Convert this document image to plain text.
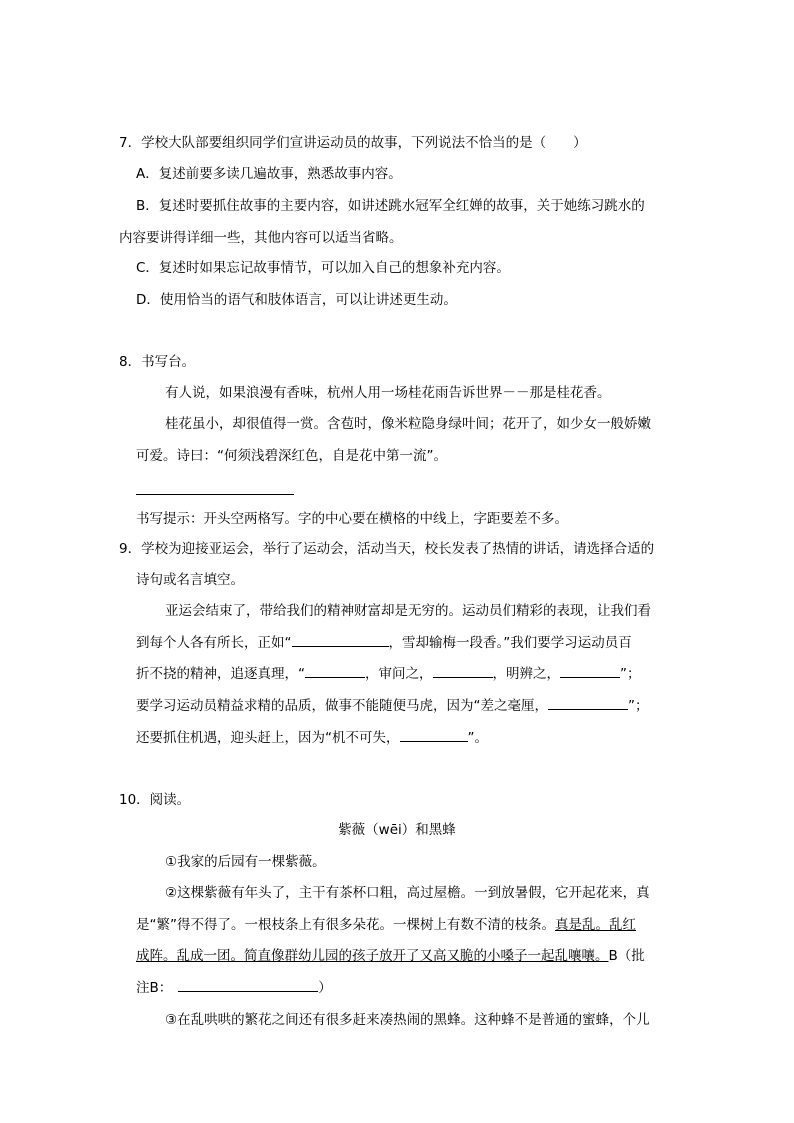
7．学校大队部要组织同学们宣讲运动员的故事，下列说法不恰当的是（　　）
A．复述前要多读几遍故事，熟悉故事内容。
B．复述时要抓住故事的主要内容，如讲述跳水冠军全红婵的故事，关于她练习跳水的
内容要讲得详细一些，其他内容可以适当省略。
C．复述时如果忘记故事情节，可以加入自己的想象补充内容。
D．使用恰当的语气和肢体语言，可以让讲述更生动。
8．书写台。
有人说，如果浪漫有香味，杭州人用一场桂花雨告诉世界－－那是桂花香。
桂花虽小，却很值得一赏。含苞时，像米粒隐身绿叶间；花开了，如少女一般娇嫩
可爱。诗曰：“何须浅碧深红色，自是花中第一流”。
书写提示：开头空两格写。字的中心要在横格的中线上，字距要差不多。
9．学校为迎接亚运会，举行了运动会，活动当天，校长发表了热情的讲话，请选择合适的
诗句或名言填空。
亚运会结束了，带给我们的精神财富却是无穷的。运动员们精彩的表现，让我们看
到每个人各有所长，正如“	，雪却输梅一段香。”我们要学习运动员百
折不挠的精神，追逐真理，“	，审问之，	，明辨之，	”；
要学习运动员精益求精的品质，做事不能随便马虎，因为“差之毫厘，	”；
还要抓住机遇，迎头赶上，因为“机不可失，	”。
10．阅读。
紫薇（wēi）和黑蜂
①我家的后园有一棵紫薇。
②这棵紫薇有年头了，主干有茶杯口粗，高过屋檐。一到放暑假，它开起花来，真
是“繁”得不得了。一根枝条上有很多朵花。一棵树上有数不清的枝条。真是乱。乱红
成阵。乱成一团。简直像群幼儿园的孩子放开了又高又脆的小嗓子一起乱嚷嚷。B（批
注B：	）
③在乱哄哄的繁花之间还有很多赶来凑热闹的黑蜂。这种蜂不是普通的蜜蜂，个儿
